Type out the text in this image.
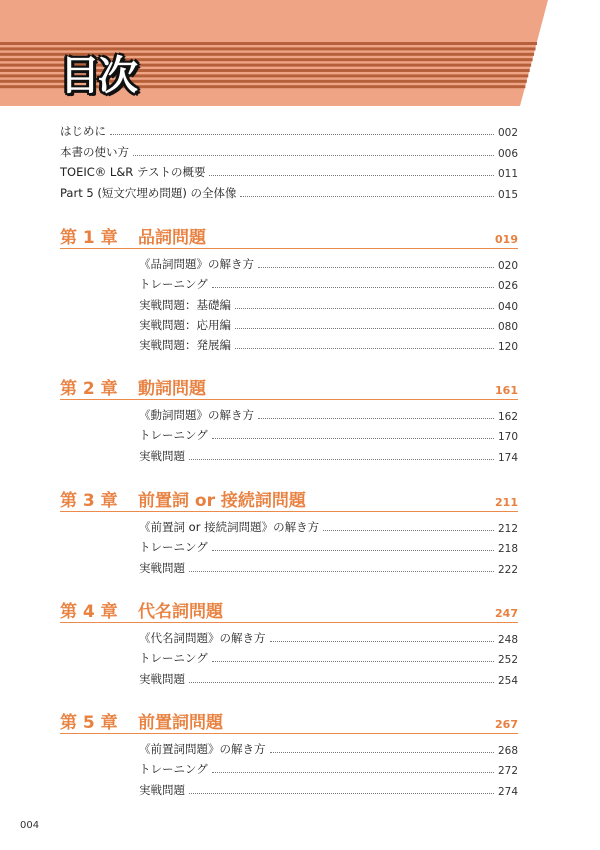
目次
はじめに	002
本書の使い方	006
TOEIC® L&R テストの概要	011
Part 5 (短文穴埋め問題) の全体像	015
第 1 章	品詞問題	019
《品詞問題》の解き方	020
トレーニング	026
実戦問題：基礎編	040
実戦問題：応用編	080
実戦問題：発展編	120
第 2 章	動詞問題	161
《動詞問題》の解き方	162
トレーニング	170
実戦問題	174
第 3 章	前置詞 or 接続詞問題	211
《前置詞 or 接続詞問題》の解き方	212
トレーニング	218
実戦問題	222
第 4 章	代名詞問題	247
《代名詞問題》の解き方	248
トレーニング	252
実戦問題	254
第 5 章	前置詞問題	267
《前置詞問題》の解き方	268
トレーニング	272
実戦問題	274
004
